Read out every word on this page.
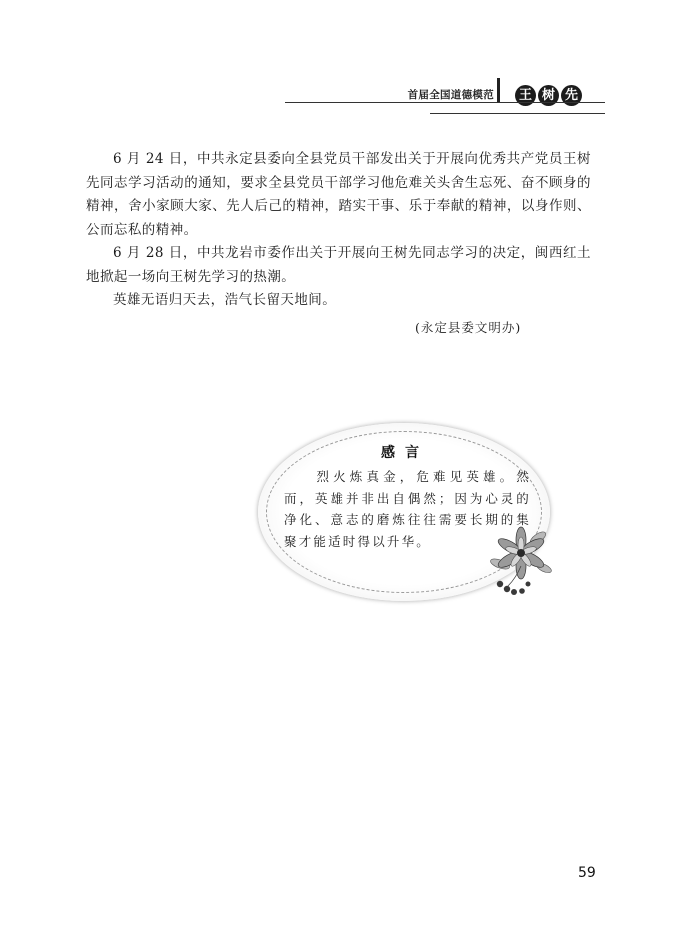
首届全国道德模范	王 树 先

6 月 24 日，中共永定县委向全县党员干部发出关于开展向优秀共产党员王树先同志学习活动的通知，要求全县党员干部学习他危难关头舍生忘死、奋不顾身的精神，舍小家顾大家、先人后己的精神，踏实干事、乐于奉献的精神，以身作则、公而忘私的精神。

6 月 28 日，中共龙岩市委作出关于开展向王树先同志学习的决定，闽西红土地掀起一场向王树先学习的热潮。

英雄无语归天去，浩气长留天地间。

(永定县委文明办)
感言

烈火炼真金，危难见英雄。然而，英雄并非出自偶然；因为心灵的净化、意志的磨炼往往需要长期的集聚才能适时得以升华。

59
